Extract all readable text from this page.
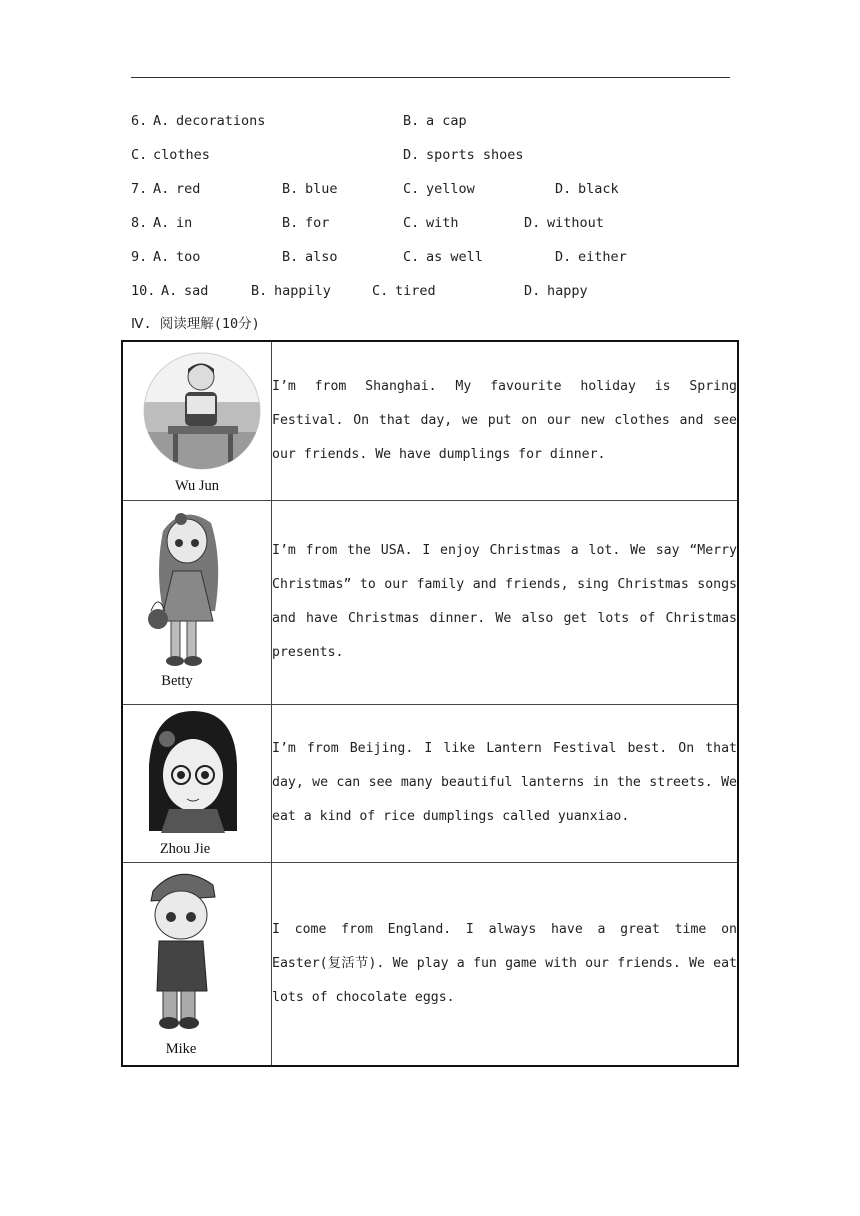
6. A. decorations	B. a cap
C. clothes	D. sports shoes
7. A. red	B. blue	C. yellow	D. black
8. A. in	B. for	C. with	D. without
9. A. too	B. also	C. as well	D. either
10. A. sad	B. happily	C. tired	D. happy
Ⅳ. 阅读理解(10分)
Wu Jun	I’m from Shanghai. My favourite holiday is Spring Festival. On that day, we put on our new clothes and see our friends. We have dumplings for dinner.

Betty	I’m from the USA. I enjoy Christmas a lot. We say “Merry Christmas” to our family and friends, sing Christmas songs and have Christmas dinner. We also get lots of Christmas presents.

Zhou Jie	I’m from Beijing. I like Lantern Festival best. On that day, we can see many beautiful lanterns in the streets. We eat a kind of rice dumplings called yuanxiao.

Mike	I come from England. I always have a great time on Easter(复活节). We play a fun game with our friends. We eat lots of chocolate eggs.
